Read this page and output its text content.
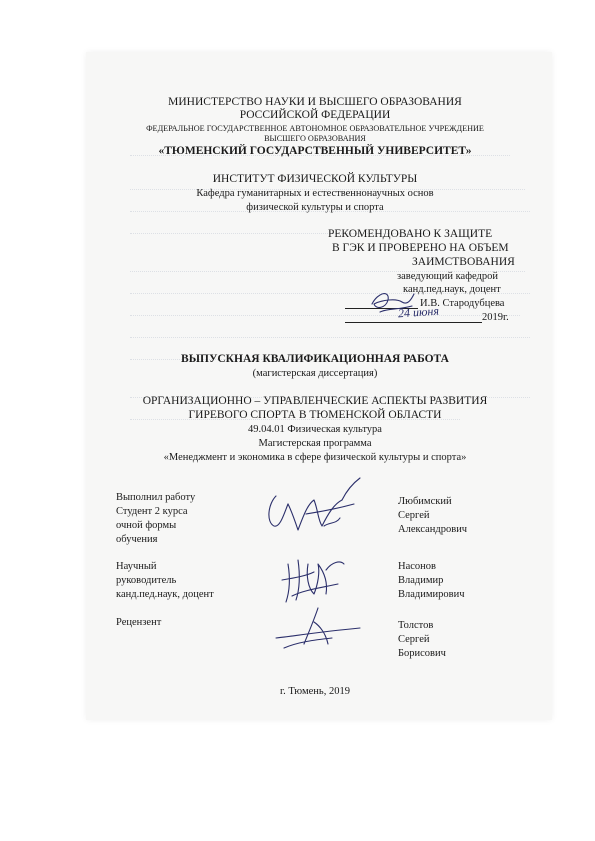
МИНИСТЕРСТВО НАУКИ И ВЫСШЕГО ОБРАЗОВАНИЯ
РОССИЙСКОЙ ФЕДЕРАЦИИ
ФЕДЕРАЛЬНОЕ ГОСУДАРСТВЕННОЕ АВТОНОМНОЕ ОБРАЗОВАТЕЛЬНОЕ УЧРЕЖДЕНИЕ
ВЫСШЕГО ОБРАЗОВАНИЯ
«ТЮМЕНСКИЙ ГОСУДАРСТВЕННЫЙ УНИВЕРСИТЕТ»
ИНСТИТУТ ФИЗИЧЕСКОЙ КУЛЬТУРЫ
Кафедра гуманитарных и естественнонаучных основ
физической культуры и спорта
РЕКОМЕНДОВАНО К ЗАЩИТЕ
В ГЭК И ПРОВЕРЕНО НА ОБЪЕМ
ЗАИМСТВОВАНИЯ
заведующий кафедрой
канд.пед.наук, доцент
И.В. Стародубцева
2019г.
24 июня
ВЫПУСКНАЯ КВАЛИФИКАЦИОННАЯ РАБОТА
(магистерская диссертация)
ОРГАНИЗАЦИОННО – УПРАВЛЕНЧЕСКИЕ АСПЕКТЫ РАЗВИТИЯ
ГИРЕВОГО СПОРТА В ТЮМЕНСКОЙ ОБЛАСТИ
49.04.01 Физическая культура
Магистерская программа
«Менеджмент и экономика в сфере физической культуры и спорта»
Выполнил работу
Студент 2 курса
очной формы
обучения
Любимский
Сергей
Александрович
Научный
руководитель
канд.пед.наук, доцент
Насонов
Владимир
Владимирович
Рецензент	Толстов
Сергей
Борисович
г. Тюмень, 2019
